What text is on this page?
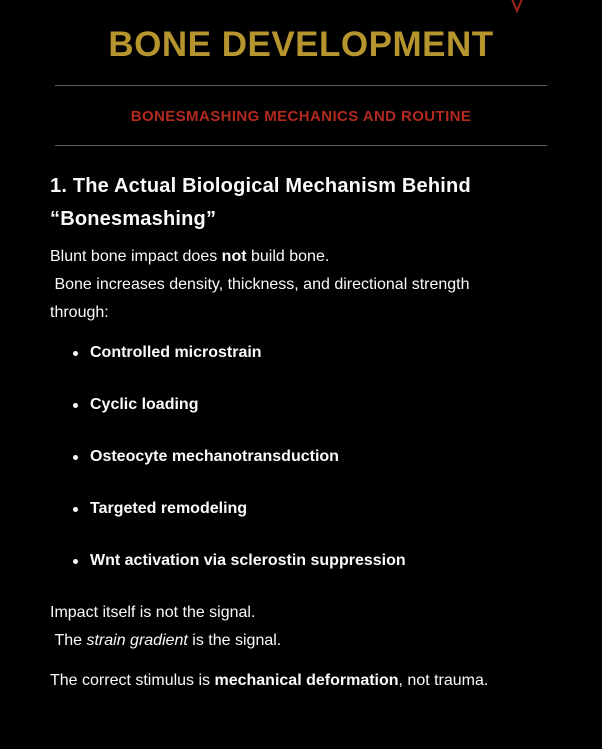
BONE DEVELOPMENT
BONESMASHING MECHANICS AND ROUTINE
1. The Actual Biological Mechanism Behind
“Bonesmashing”

Blunt bone impact does not build bone.
Bone increases density, thickness, and directional strength
through:

Controlled microstrain
Cyclic loading
Osteocyte mechanotransduction
Targeted remodeling
Wnt activation via sclerostin suppression

Impact itself is not the signal.
The strain gradient is the signal.

The correct stimulus is mechanical deformation, not trauma.
